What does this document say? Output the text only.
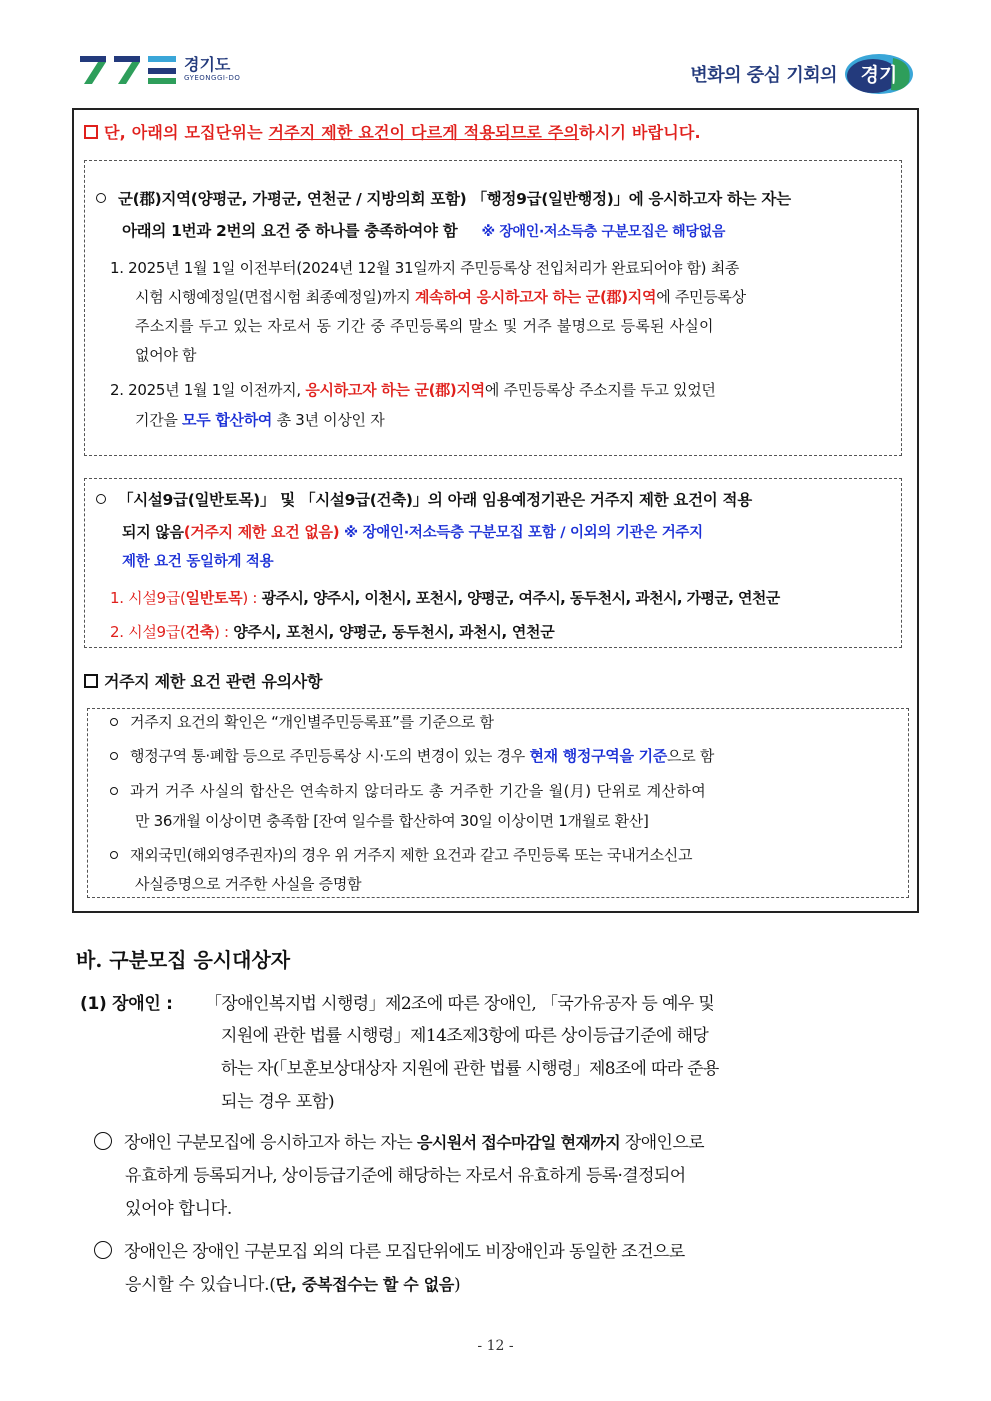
경기도
GYEONGGI-DO	변화의 중심 기회의	경기
단, 아래의 모집단위는 거주지 제한 요건이 다르게 적용되므로 주의하시기 바랍니다.
군(郡)지역(양평군, 가평군, 연천군 / 지방의회 포함) 「행정9급(일반행정)」에 응시하고자 하는 자는
아래의 1번과 2번의 요건 중 하나를 충족하여야 함 ※ 장애인·저소득층 구분모집은 해당없음
1. 2025년 1월 1일 이전부터(2024년 12월 31일까지 주민등록상 전입처리가 완료되어야 함) 최종
시험 시행예정일(면접시험 최종예정일)까지 계속하여 응시하고자 하는 군(郡)지역에 주민등록상
주소지를 두고 있는 자로서 동 기간 중 주민등록의 말소 및 거주 불명으로 등록된 사실이
없어야 함
2. 2025년 1월 1일 이전까지, 응시하고자 하는 군(郡)지역에 주민등록상 주소지를 두고 있었던
기간을 모두 합산하여 총 3년 이상인 자
「시설9급(일반토목)」 및 「시설9급(건축)」의 아래 임용예정기관은 거주지 제한 요건이 적용
되지 않음(거주지 제한 요건 없음) ※ 장애인·저소득층 구분모집 포함 / 이외의 기관은 거주지
제한 요건 동일하게 적용
1. 시설9급(일반토목) : 광주시, 양주시, 이천시, 포천시, 양평군, 여주시, 동두천시, 과천시, 가평군, 연천군
2. 시설9급(건축) : 양주시, 포천시, 양평군, 동두천시, 과천시, 연천군
거주지 제한 요건 관련 유의사항
거주지 요건의 확인은 “개인별주민등록표”를 기준으로 함
행정구역 통·폐합 등으로 주민등록상 시·도의 변경이 있는 경우 현재 행정구역을 기준으로 함
과거 거주 사실의 합산은 연속하지 않더라도 총 거주한 기간을 월(月) 단위로 계산하여
만 36개월 이상이면 충족함 [잔여 일수를 합산하여 30일 이상이면 1개월로 환산]
재외국민(해외영주권자)의 경우 위 거주지 제한 요건과 같고 주민등록 또는 국내거소신고
사실증명으로 거주한 사실을 증명함
바. 구분모집 응시대상자
(1) 장애인 : 「장애인복지법 시행령」제2조에 따른 장애인, 「국가유공자 등 예우 및
지원에 관한 법률 시행령」제14조제3항에 따른 상이등급기준에 해당
하는 자(「보훈보상대상자 지원에 관한 법률 시행령」제8조에 따라 준용
되는 경우 포함)
장애인 구분모집에 응시하고자 하는 자는 응시원서 접수마감일 현재까지 장애인으로
유효하게 등록되거나, 상이등급기준에 해당하는 자로서 유효하게 등록·결정되어
있어야 합니다.
장애인은 장애인 구분모집 외의 다른 모집단위에도 비장애인과 동일한 조건으로
응시할 수 있습니다.(단, 중복접수는 할 수 없음)
- 12 -
